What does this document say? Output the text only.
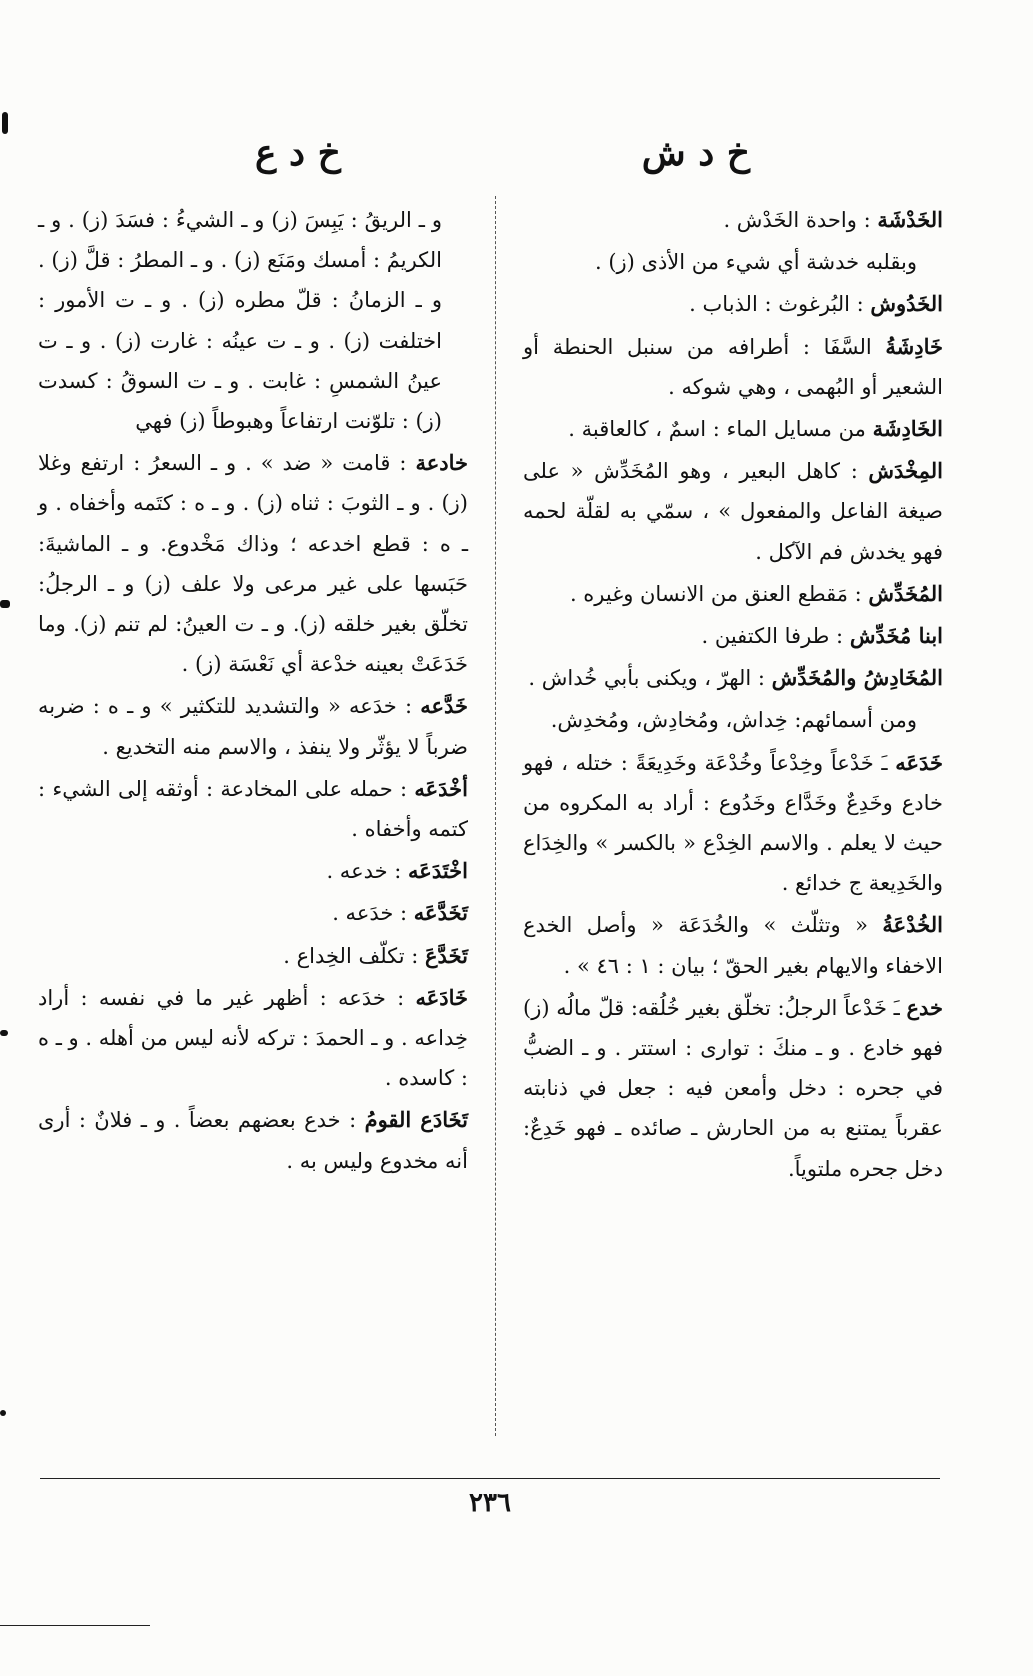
خ د ش
خ د ع
الخَدْشَة : واحدة الخَدْش .
وبقلبه خدشة أي شيء من الأذى (ز) .
الخَدُوش : البُرغوث : الذباب .
خَادِشَةُ السَّفَا : أطرافه من سنبل الحنطة أو الشعير أو البُهمى ، وهي شوكه .
الخَادِشَة من مسايل الماء : اسمٌ ، كالعاقبة .
المِخْدَش : كاهل البعير ، وهو المُخَدِّش « على صيغة الفاعل والمفعول » ، سمّي به لقلّة لحمه فهو يخدش فم الآكل .
المُخَدِّش : مَقطع العنق من الانسان وغيره .
ابنا مُخَدِّش : طرفا الكتفين .
المُخَادِشُ والمُخَدِّش : الهرّ ، ويكنى بأبي خُداش .
ومن أسمائهم: خِداش، ومُخادِش، ومُخدِش.
خَدَعَه ـَ خَدْعاً وخِدْعاً وخُدْعَة وخَدِيعَةً : ختله ، فهو خادع وخَدِعٌ وخَدَّاع وخَدُوع : أراد به المكروه من حيث لا يعلم . والاسم الخِدْع « بالكسر » والخِدَاع والخَدِيعة ج خدائع .
الخُدْعَةُ « وتثلّث » والخُدَعَة « وأصل الخدع الاخفاء والايهام بغير الحقّ ؛ بيان : ١ : ٤٦ » .
خدع ـَ خَدْعاً الرجلُ: تخلّق بغير خُلُقه: قلّ مالُه (ز) فهو خادع . و ـ منكَ : توارى : استتر . و ـ الضبُّ في جحره : دخل وأمعن فيه : جعل في ذنابته عقرباً يمتنع به من الحارش ـ صائده ـ فهو خَدِعٌ: دخل جحره ملتوياً.
و ـ الريقُ : يَبِسَ (ز) و ـ الشيءُ : فسَدَ (ز) . و ـ الكريمُ : أمسك ومَنَع (ز) . و ـ المطرُ : قلَّ (ز) . و ـ الزمانُ : قلّ مطره (ز) . و ـ ت الأمور : اختلفت (ز) . و ـ ت عينُه : غارت (ز) . و ـ ت عينُ الشمسِ : غابت . و ـ ت السوقُ : كسدت (ز) : تلوّنت ارتفاعاً وهبوطاً (ز) فهي
خادعة : قامت « ضد » . و ـ السعرُ : ارتفع وغلا (ز) . و ـ الثوبَ : ثناه (ز) . و ـ ه : كتَمه وأخفاه . و ـ ه : قطع اخدعه ؛ وذاك مَخْدوع. و ـ الماشيةَ: حَبَسها على غير مرعى ولا علف (ز) و ـ الرجلُ: تخلّق بغير خلقه (ز). و ـ ت العينُ: لم تنم (ز). وما خَدَعَتْ بعينه خدْعة أي نَعْسَة (ز) .
خَدَّعه : خدَعه « والتشديد للتكثير » و ـ ه : ضربه ضرباً لا يؤثّر ولا ينفذ ، والاسم منه التخديع .
أخْدَعَه : حمله على المخادعة : أوثقه إلى الشيء : كتمه وأخفاه .
اخْتَدَعَه : خدعه .
تَخَدَّعَه : خدَعه .
تَخَدَّعَ : تكلّف الخِداع .
خَادَعَه : خدَعه : أظهر غير ما في نفسه : أراد خِداعه . و ـ الحمدَ : تركه لأنه ليس من أهله . و ـ ه : كاسده .
تَخَادَع القومُ : خدع بعضهم بعضاً . و ـ فلانٌ : أرى أنه مخدوع وليس به .
٢٣٦
